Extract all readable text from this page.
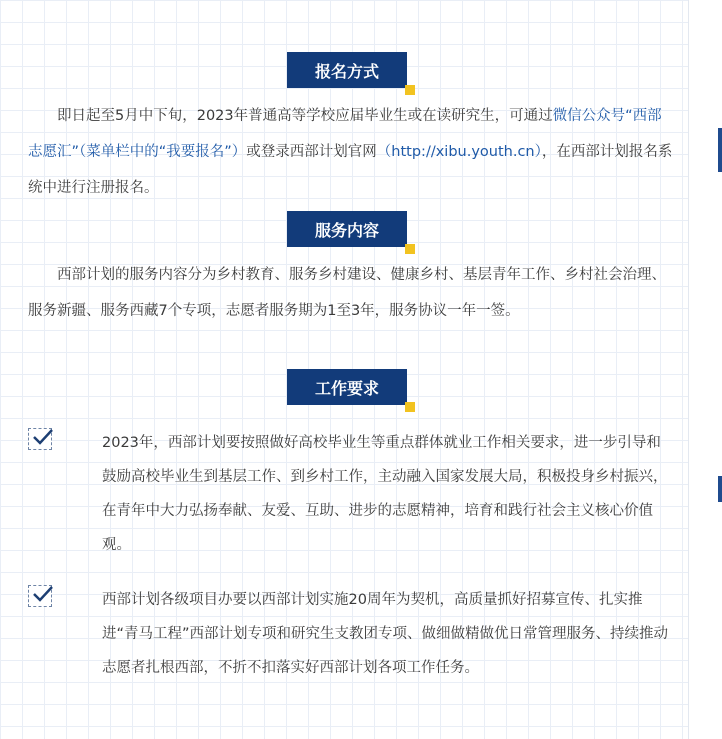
报名方式

即日起至5月中下旬，2023年普通高等学校应届毕业生或在读研究生，可通过微信公众号“西部志愿汇”（菜单栏中的“我要报名”）或登录西部计划官网（http://xibu.youth.cn），在西部计划报名系统中进行注册报名。

服务内容

西部计划的服务内容分为乡村教育、服务乡村建设、健康乡村、基层青年工作、乡村社会治理、服务新疆、服务西藏7个专项，志愿者服务期为1至3年，服务协议一年一签。

工作要求

2023年，西部计划要按照做好高校毕业生等重点群体就业工作相关要求，进一步引导和鼓励高校毕业生到基层工作、到乡村工作，主动融入国家发展大局，积极投身乡村振兴，在青年中大力弘扬奉献、友爱、互助、进步的志愿精神，培育和践行社会主义核心价值观。

西部计划各级项目办要以西部计划实施20周年为契机，高质量抓好招募宣传、扎实推进“青马工程”西部计划专项和研究生支教团专项、做细做精做优日常管理服务、持续推动志愿者扎根西部，不折不扣落实好西部计划各项工作任务。
